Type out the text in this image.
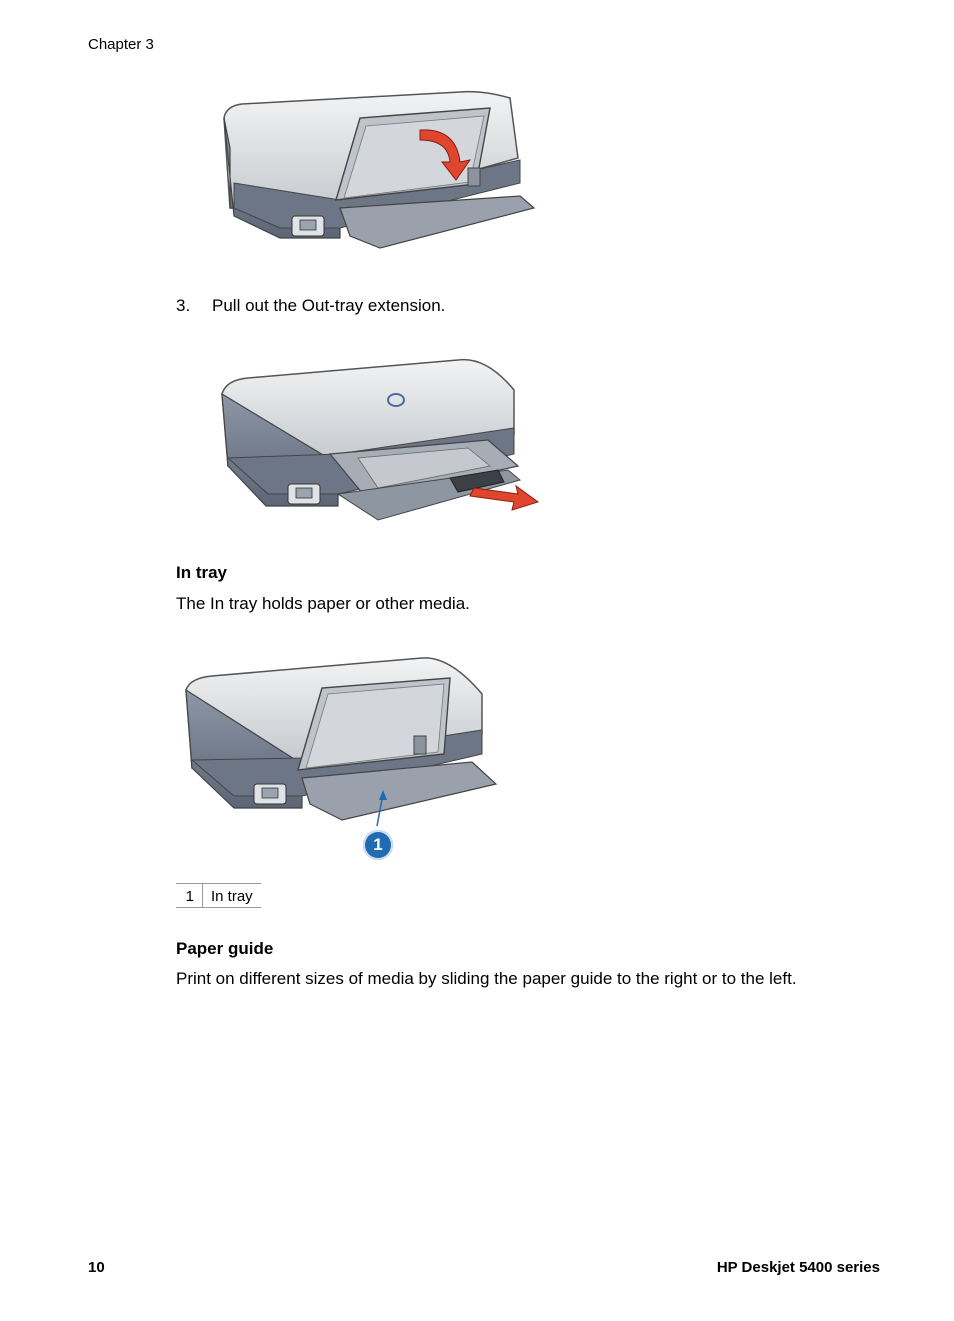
Chapter 3
3. Pull out the Out-tray extension.
In tray
The In tray holds paper or other media.
1
1	In tray
Paper guide
Print on different sizes of media by sliding the paper guide to the right or to the left.
10	HP Deskjet 5400 series
